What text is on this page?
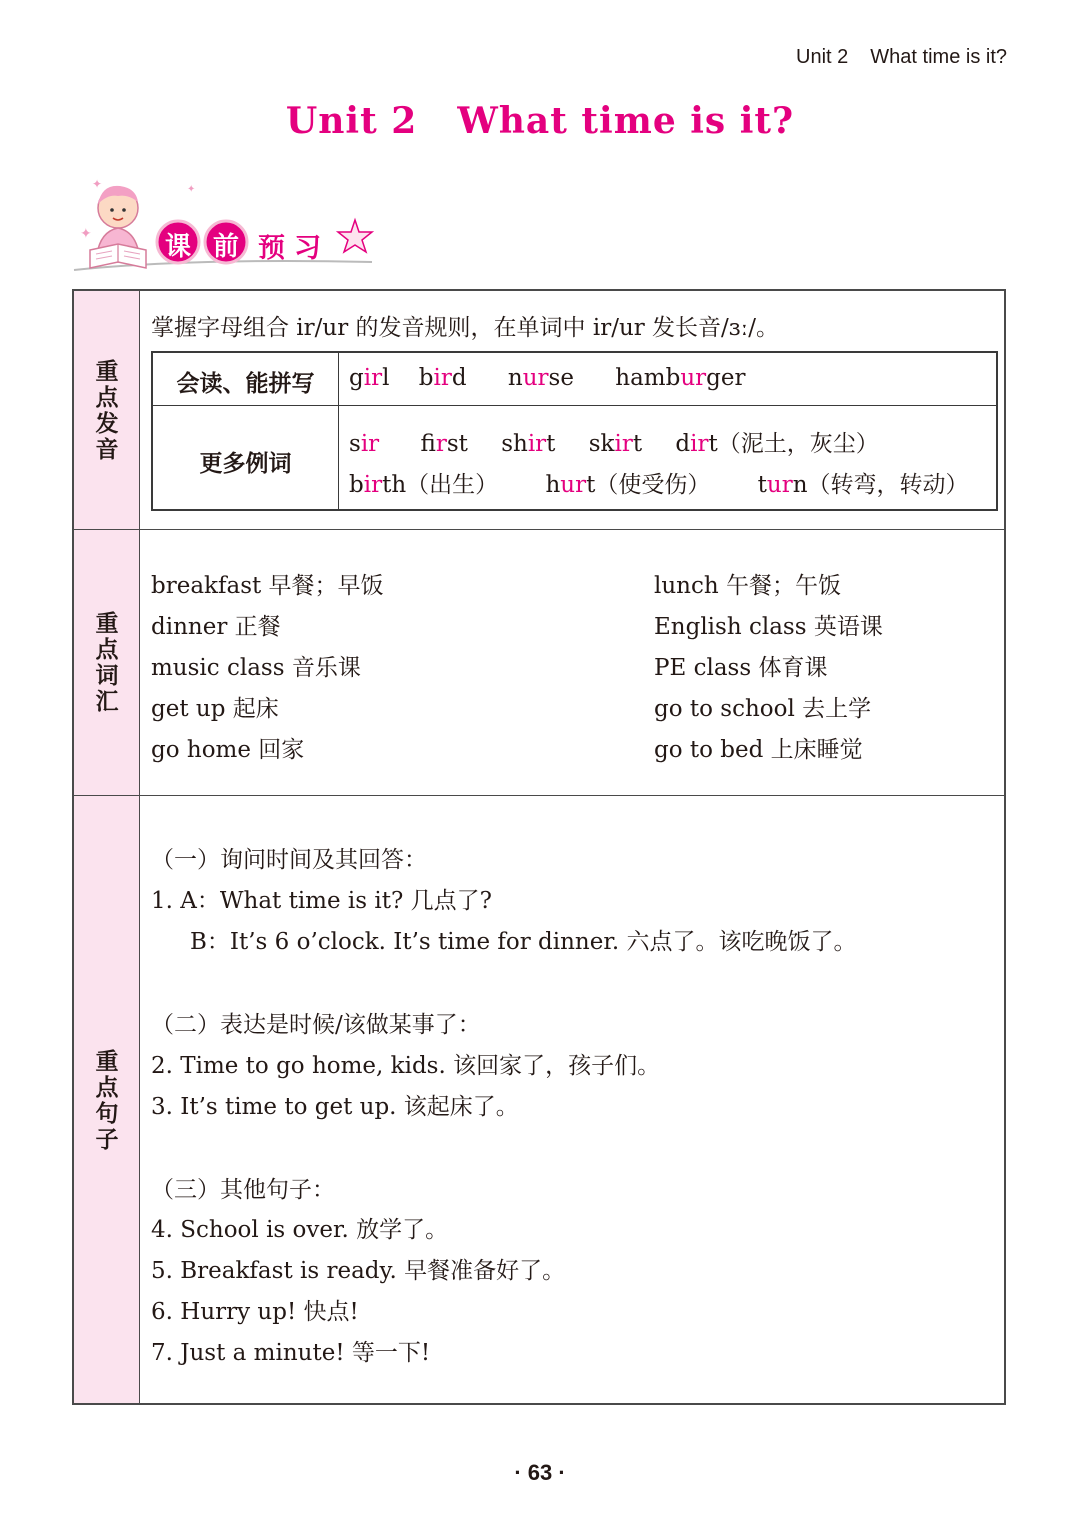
Unit 2 What time is it?
Unit 2 What time is it?
✦
✦
✦
课 前 预 习
重
点
发
音
掌握字母组合 ir/ur 的发音规则，在单词中 ir/ur 发长音/ɜː/。
会读、能拼写
更多例词
girl bird nurse hamburger
sir first shirt skirt dirt（泥土，灰尘）
birth（出生） hurt（使受伤） turn（转弯，转动）
重
点
词
汇
breakfast 早餐；早饭
dinner 正餐
music class 音乐课
get up 起床
go home 回家
lunch 午餐；午饭
English class 英语课
PE class 体育课
go to school 去上学
go to bed 上床睡觉
重
点
句
子
（一）询问时间及其回答：
1. A：What time is it? 几点了?
B：It’s 6 o’clock. It’s time for dinner. 六点了。该吃晚饭了。
（二）表达是时候/该做某事了：
2. Time to go home, kids. 该回家了，孩子们。
3. It’s time to get up. 该起床了。
（三）其他句子：
4. School is over. 放学了。
5. Breakfast is ready. 早餐准备好了。
6. Hurry up! 快点!
7. Just a minute! 等一下!
· 63 ·
